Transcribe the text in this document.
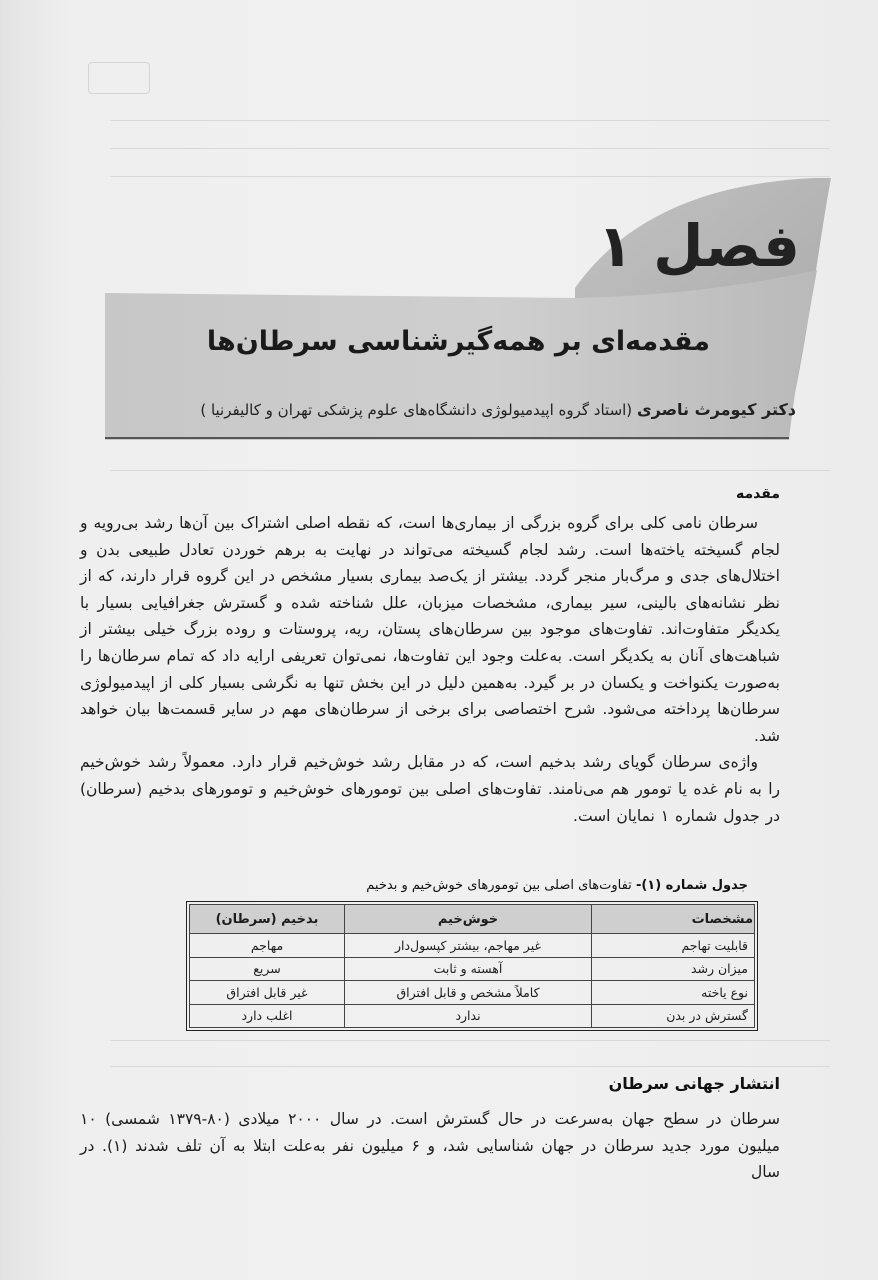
فصل ۱
مقدمه‌ای بر همه‌گیرشناسی سرطان‌ها
دکتر کیومرث ناصری (استاد گروه اپیدمیولوژی دانشگاه‌های علوم پزشکی تهران و کالیفرنیا )
مقدمه

سرطان نامی کلی برای گروه بزرگی از بیماری‌ها است، که نقطه اصلی اشتراک بین آن‌ها رشد بی‌رویه و لجام گسیخته یاخته‌ها است. رشد لجام گسیخته می‌تواند در نهایت به برهم خوردن تعادل طبیعی بدن و اختلال‌های جدی و مرگ‌بار منجر گردد. بیشتر از یک‌صد بیماری بسیار مشخص در این گروه قرار دارند، که از نظر نشانه‌های بالینی، سیر بیماری، مشخصات میزبان، علل شناخته شده و گسترش جغرافیایی بسیار با یکدیگر متفاوت‌اند. تفاوت‌های موجود بین سرطان‌های پستان، ریه، پروستات و روده بزرگ خیلی بیشتر از شباهت‌های آنان به یکدیگر است. به‌علت وجود این تفاوت‌ها، نمی‌توان تعریفی ارایه داد که تمام سرطان‌ها را به‌صورت یکنواخت و یکسان در بر گیرد. به‌همین دلیل در این بخش تنها به نگرشی بسیار کلی از اپیدمیولوژی سرطان‌ها پرداخته می‌شود. شرح اختصاصی برای برخی از سرطان‌های مهم در سایر قسمت‌ها بیان خواهد شد.

واژه‌ی سرطان گویای رشد بدخیم است، که در مقابل رشد خوش‌خیم قرار دارد. معمولاً رشد خوش‌خیم را به نام غده یا تومور هم می‌نامند. تفاوت‌های اصلی بین تومورهای خوش‌خیم و تومورهای بدخیم (سرطان) در جدول شماره ۱ نمایان است.

جدول شماره (۱)- تفاوت‌های اصلی بین تومورهای خوش‌خیم و بدخیم
مشخصات	خوش‌خیم	بدخیم (سرطان)
قابلیت تهاجم	غیر مهاجم، بیشتر کپسول‌دار	مهاجم
میزان رشد	آهسته و ثابت	سریع
نوع یاخته	کاملاً مشخص و قابل افتراق	غیر قابل افتراق
گسترش در بدن	ندارد	اغلب دارد
انتشار جهانی سرطان

سرطان در سطح جهان به‌سرعت در حال گسترش است. در سال ۲۰۰۰ میلادی (۸۰-۱۳۷۹ شمسی) ۱۰ میلیون مورد جدید سرطان در جهان شناسایی شد، و ۶ میلیون نفر به‌علت ابتلا به آن تلف شدند (۱). در سال
